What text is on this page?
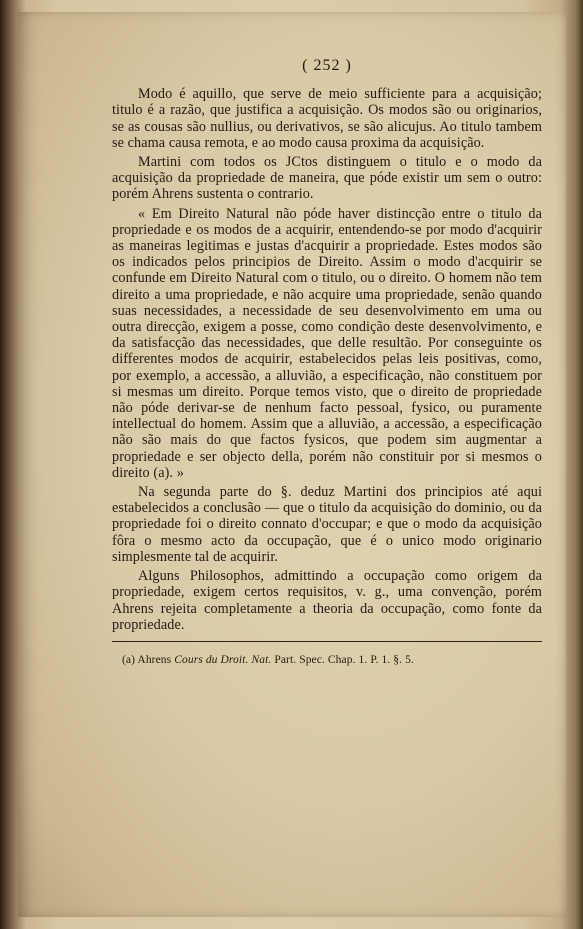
( 252 )

Modo é aquillo, que serve de meio sufficiente para a acquisição; titulo é a razão, que justifica a acquisição. Os modos são ou originarios, se as cousas são nullius, ou derivativos, se são alicujus. Ao titulo tambem se chama causa remota, e ao modo causa proxima da acquisição.

Martini com todos os JCtos distinguem o titulo e o modo da acquisição da propriedade de maneira, que póde existir um sem o outro: porém Ahrens sustenta o contrario.

« Em Direito Natural não póde haver distincção entre o titulo da propriedade e os modos de a acquirir, entendendo-se por modo d'acquirir as maneiras legitimas e justas d'acquirir a propriedade. Estes modos são os indicados pelos principios de Direito. Assim o modo d'acquirir se confunde em Direito Natural com o titulo, ou o direito. O homem não tem direito a uma propriedade, e não acquire uma propriedade, senão quando suas necessidades, a necessidade de seu desenvolvimento em uma ou outra direcção, exigem a posse, como condição deste desenvolvimento, e da satisfacção das necessidades, que delle resultão. Por conseguinte os differentes modos de acquirir, estabelecidos pelas leis positivas, como, por exemplo, a accessão, a alluvião, a especificação, não constituem por si mesmas um direito. Porque temos visto, que o direito de propriedade não póde derivar-se de nenhum facto pessoal, fysico, ou puramente intellectual do homem. Assim que a alluvião, a accessão, a especificação não são mais do que factos fysicos, que podem sim augmentar a propriedade e ser objecto della, porém não constituir por si mesmos o direito (a). »

Na segunda parte do §. deduz Martini dos principios até aqui estabelecidos a conclusão — que o titulo da acquisição do dominio, ou da propriedade foi o direito connato d'occupar; e que o modo da acquisição fôra o mesmo acto da occupação, que é o unico modo originario simplesmente tal de acquirir.

Alguns Philosophos, admittindo a occupação como origem da propriedade, exigem certos requisitos, v. g., uma convenção, porém Ahrens rejeita completamente a theoria da occupação, como fonte da propriedade.

(a) Ahrens Cours du Droit. Nat. Part. Spec. Chap. 1. P. 1. §. 5.
